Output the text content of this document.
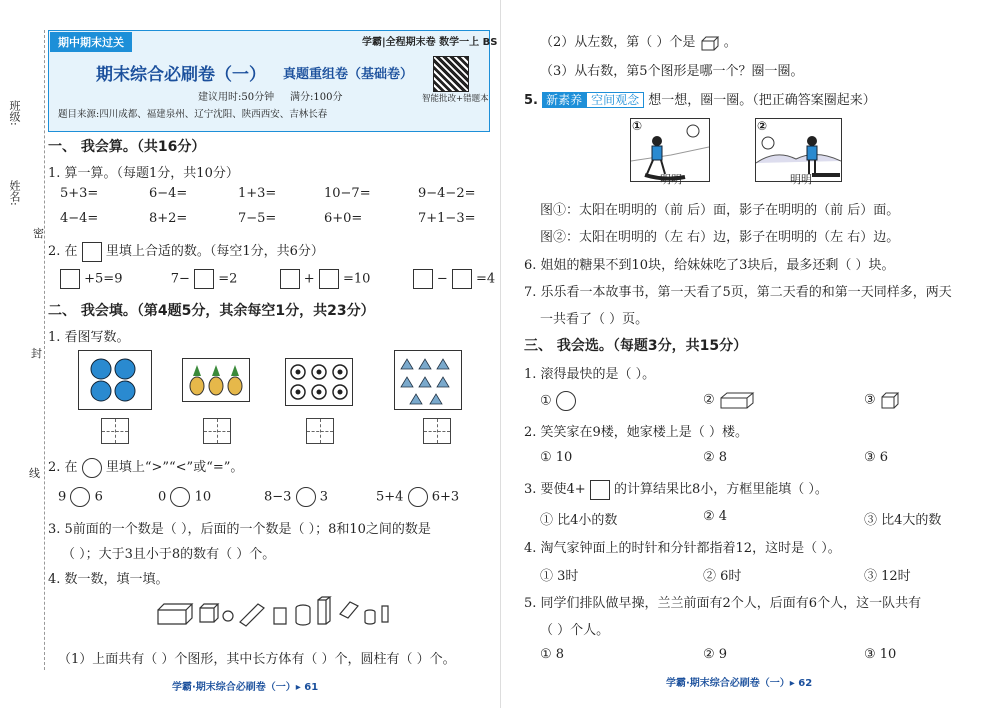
班级:
姓名:
密
封
线
期中期末过关	学霸|全程期末卷 数学一上 BS
期末综合必刷卷（一） 真题重组卷（基础卷）
建议用时:50分钟 满分:100分	智能批改+错题本
题目来源:四川成都、福建泉州、辽宁沈阳、陕西西安、吉林长春
一、 我会算。（共16分）
1. 算一算。（每题1分，共10分）
5+3=	6−4=	1+3=	10−7=	9−4−2=
4−4=	8+2=	7−5=	6+0=	7+1−3=
2. 在 里填上合适的数。（每空1分，共6分）
+5=9	7− =2	+ =10	− =4
二、 我会填。（第4题5分，其余每空1分，共23分）
1. 看图写数。
2. 在 里填上“>”“<”或“=”。
9 6	0 10	8−3 3	5+4 6+3
3. 5前面的一个数是（ ），后面的一个数是（ ）；8和10之间的数是
（ ）；大于3且小于8的数有（ ）个。
4. 数一数，填一填。
（1）上面共有（ ）个图形，其中长方体有（ ）个，圆柱有（ ）个。
学霸·期末综合必刷卷（一）▸ 61
（2）从左数，第（ ）个是 。
（3）从右数，第5个图形是哪一个？圈一圈。
5. 新素养 空间观念 想一想，圈一圈。（把正确答案圈起来）
①
明明
②
明明
图①：太阳在明明的（前 后）面，影子在明明的（前 后）面。
图②：太阳在明明的（左 右）边，影子在明明的（左 右）边。
6. 姐姐的糖果不到10块，给妹妹吃了3块后，最多还剩（ ）块。
7. 乐乐看一本故事书，第一天看了5页，第二天看的和第一天同样多，两天
一共看了（ ）页。
三、 我会选。（每题3分，共15分）
1. 滚得最快的是（ ）。
①	②	③
2. 笑笑家在9楼，她家楼上是（ ）楼。
① 10	② 8	③ 6
3. 要使4+ 的计算结果比8小，方框里能填（ ）。
① 比4小的数	② 4	③ 比4大的数
4. 淘气家钟面上的时针和分针都指着12，这时是（ ）。
① 3时	② 6时	③ 12时
5. 同学们排队做早操，兰兰前面有2个人，后面有6个人，这一队共有
（ ）个人。
① 8	② 9	③ 10
学霸·期末综合必刷卷（一）▸ 62
